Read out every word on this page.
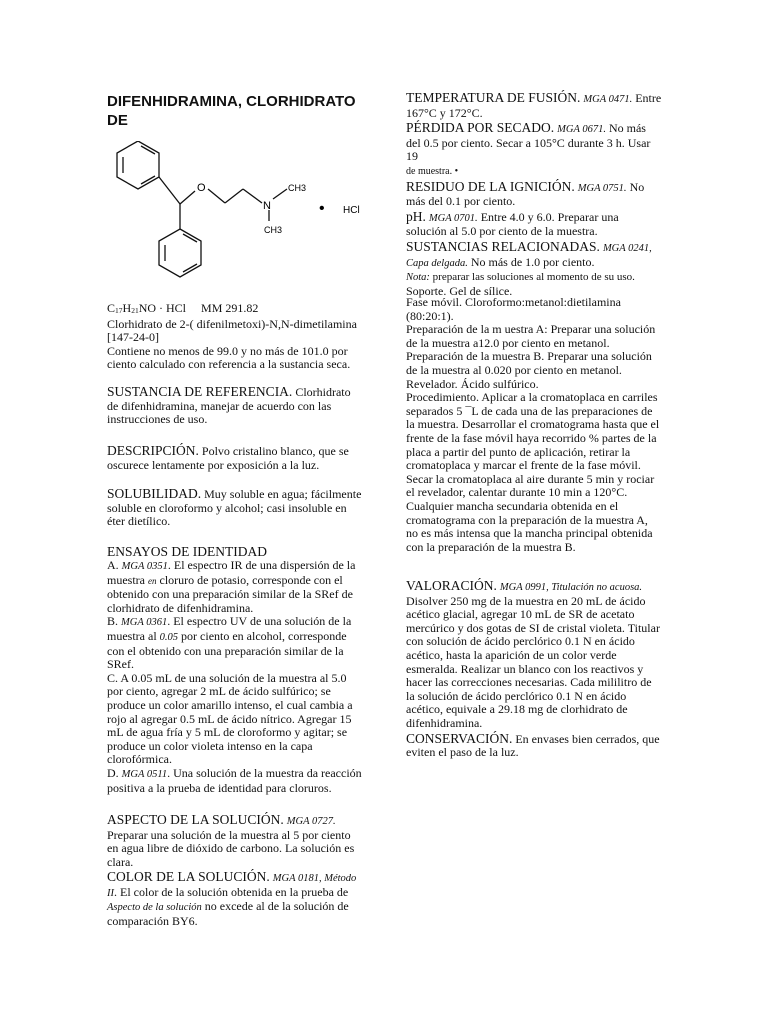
DIFENHIDRAMINA, CLORHIDRATO DE
O
N
CH3
CH3
• HCl

C17H21NO · HCl MM 291.82

Clorhidrato de 2-( difenilmetoxi)-N,N-dimetilamina

[147-24-0]

Contiene no menos de 99.0 y no más de 101.0 por ciento calculado con referencia a la sustancia seca.

SUSTANCIA DE REFERENCIA. Clorhidrato de difenhidramina, manejar de acuerdo con las instrucciones de uso.

DESCRIPCIÓN. Polvo cristalino blanco, que se oscurece lentamente por exposición a la luz.

SOLUBILIDAD. Muy soluble en agua; fácilmente soluble en cloroformo y alcohol; casi insoluble en éter dietílico.

ENSAYOS DE IDENTIDAD

A. MGA 0351. El espectro IR de una dispersión de la muestra en cloruro de potasio, corresponde con el obtenido con una preparación similar de la SRef de clorhidrato de difenhidramina.

B. MGA 0361. El espectro UV de una solución de la muestra al 0.05 por ciento en alcohol, corresponde con el obtenido con una preparación similar de la SRef.

C. A 0.05 mL de una solución de la muestra al 5.0 por ciento, agregar 2 mL de ácido sulfúrico; se produce un color amarillo intenso, el cual cambia a rojo al agregar 0.5 mL de ácido nítrico. Agregar 15 mL de agua fría y 5 mL de cloroformo y agitar; se produce un color violeta intenso en la capa clorofórmica.

D. MGA 0511. Una solución de la muestra da reacción positiva a la prueba de identidad para cloruros.

ASPECTO DE LA SOLUCIÓN. MGA 0727.

Preparar una solución de la muestra al 5 por ciento en agua libre de dióxido de carbono. La solución es clara.

COLOR DE LA SOLUCIÓN. MGA 0181, Método II. El color de la solución obtenida en la prueba de Aspecto de la solución no excede al de la solución de comparación BY6.

TEMPERATURA DE FUSIÓN. MGA 0471. Entre 167°C y 172°C.

PÉRDIDA POR SECADO. MGA 0671. No más del 0.5 por ciento. Secar a 105°C durante 3 h. Usar 19
de muestra. •

RESIDUO DE LA IGNICIÓN. MGA 0751. No más del 0.1 por ciento.

pH. MGA 0701. Entre 4.0 y 6.0. Preparar una solución al 5.0 por ciento de la muestra.

SUSTANCIAS RELACIONADAS. MGA 0241,
Capa delgada. No más de 1.0 por ciento.
Nota: preparar las soluciones al momento de su uso.
Soporte. Gel de sílice.

Fase móvil. Cloroformo:metanol:dietilamina (80:20:1).

Preparación de la m uestra A: Preparar una solución de la muestra a12.0 por ciento en metanol.

Preparación de la muestra B. Preparar una solución de la muestra al 0.020 por ciento en metanol.

Revelador. Ácido sulfúrico.

Procedimiento. Aplicar a la cromatoplaca en carriles separados 5 ¯L de cada una de las preparaciones de la muestra. Desarrollar el cromatograma hasta que el frente de la fase móvil haya recorrido % partes de la placa a partir del punto de aplicación, retirar la cromatoplaca y marcar el frente de la fase móvil. Secar la cromatoplaca al aire durante 5 min y rociar el revelador, calentar durante 10 min a 120°C. Cualquier mancha secundaria obtenida en el cromatograma con la preparación de la muestra A, no es más intensa que la mancha principal obtenida con la preparación de la muestra B.

VALORACIÓN. MGA 0991, Titulación no acuosa.

Disolver 250 mg de la muestra en 20 mL de ácido acético glacial, agregar 10 mL de SR de acetato mercúrico y dos gotas de SI de cristal violeta. Titular con solución de ácido perclórico 0.1 N en ácido acético, hasta la aparición de un color verde esmeralda. Realizar un blanco con los reactivos y hacer las correcciones necesarias. Cada mililitro de la solución de ácido perclórico 0.1 N en ácido acético, equivale a 29.18 mg de clorhidrato de difenhidramina.

CONSERVACIÓN. En envases bien cerrados, que eviten el paso de la luz.
